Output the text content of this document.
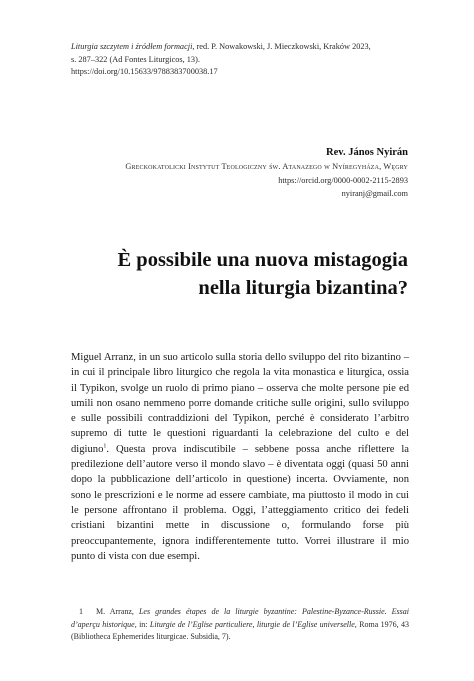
Liturgia szczytem i źródłem formacji, red. P. Nowakowski, J. Mieczkowski, Kraków 2023,
s. 287–322 (Ad Fontes Liturgicos, 13).
https://doi.org/10.15633/9788383700038.17
Rev. János Nyirán
Greckokatolicki Instytut Teologiczny św. Atanazego w Nyíregyháza, Węgry
https://orcid.org/0000-0002-2115-2893
nyiranj@gmail.com
È possibile una nuova mistagogia
nella liturgia bizantina?

Miguel Arranz, in un suo articolo sulla storia dello sviluppo del rito bizantino – in cui il principale libro liturgico che regola la vita monastica e liturgica, ossia il Typikon, svolge un ruolo di primo piano – osserva che molte persone pie ed umili non osano nemmeno porre domande critiche sulle origini, sullo sviluppo e sulle possibili contraddizioni del Typikon, perché è considerato l’arbitro supremo di tutte le questioni riguardanti la celebrazione del culto e del digiuno$^1$. Questa prova indiscutibile – sebbene possa anche riflettere la predilezione dell’autore verso il mondo slavo – è diventata oggi (quasi 50 anni dopo la pubblicazione dell’articolo in questione) incerta. Ovviamente, non sono le prescrizioni e le norme ad essere cambiate, ma piuttosto il modo in cui le persone affrontano il problema. Oggi, l’atteggiamento critico dei fedeli cristiani bizantini mette in discussione o, formulando forse più preoccupantemente, ignora indifferentemente tutto. Vorrei illustrare il mio punto di vista con due esempi.

1 M. Arranz, Les grandes étapes de la liturgie byzantine: Palestine-Byzance-Russie. Essai d’aperçu historique, in: Liturgie de l’Eglise particuliere, liturgie de l’Eglise universelle, Roma 1976, 43 (Bibliotheca Ephemerides liturgicae. Subsidia, 7).
